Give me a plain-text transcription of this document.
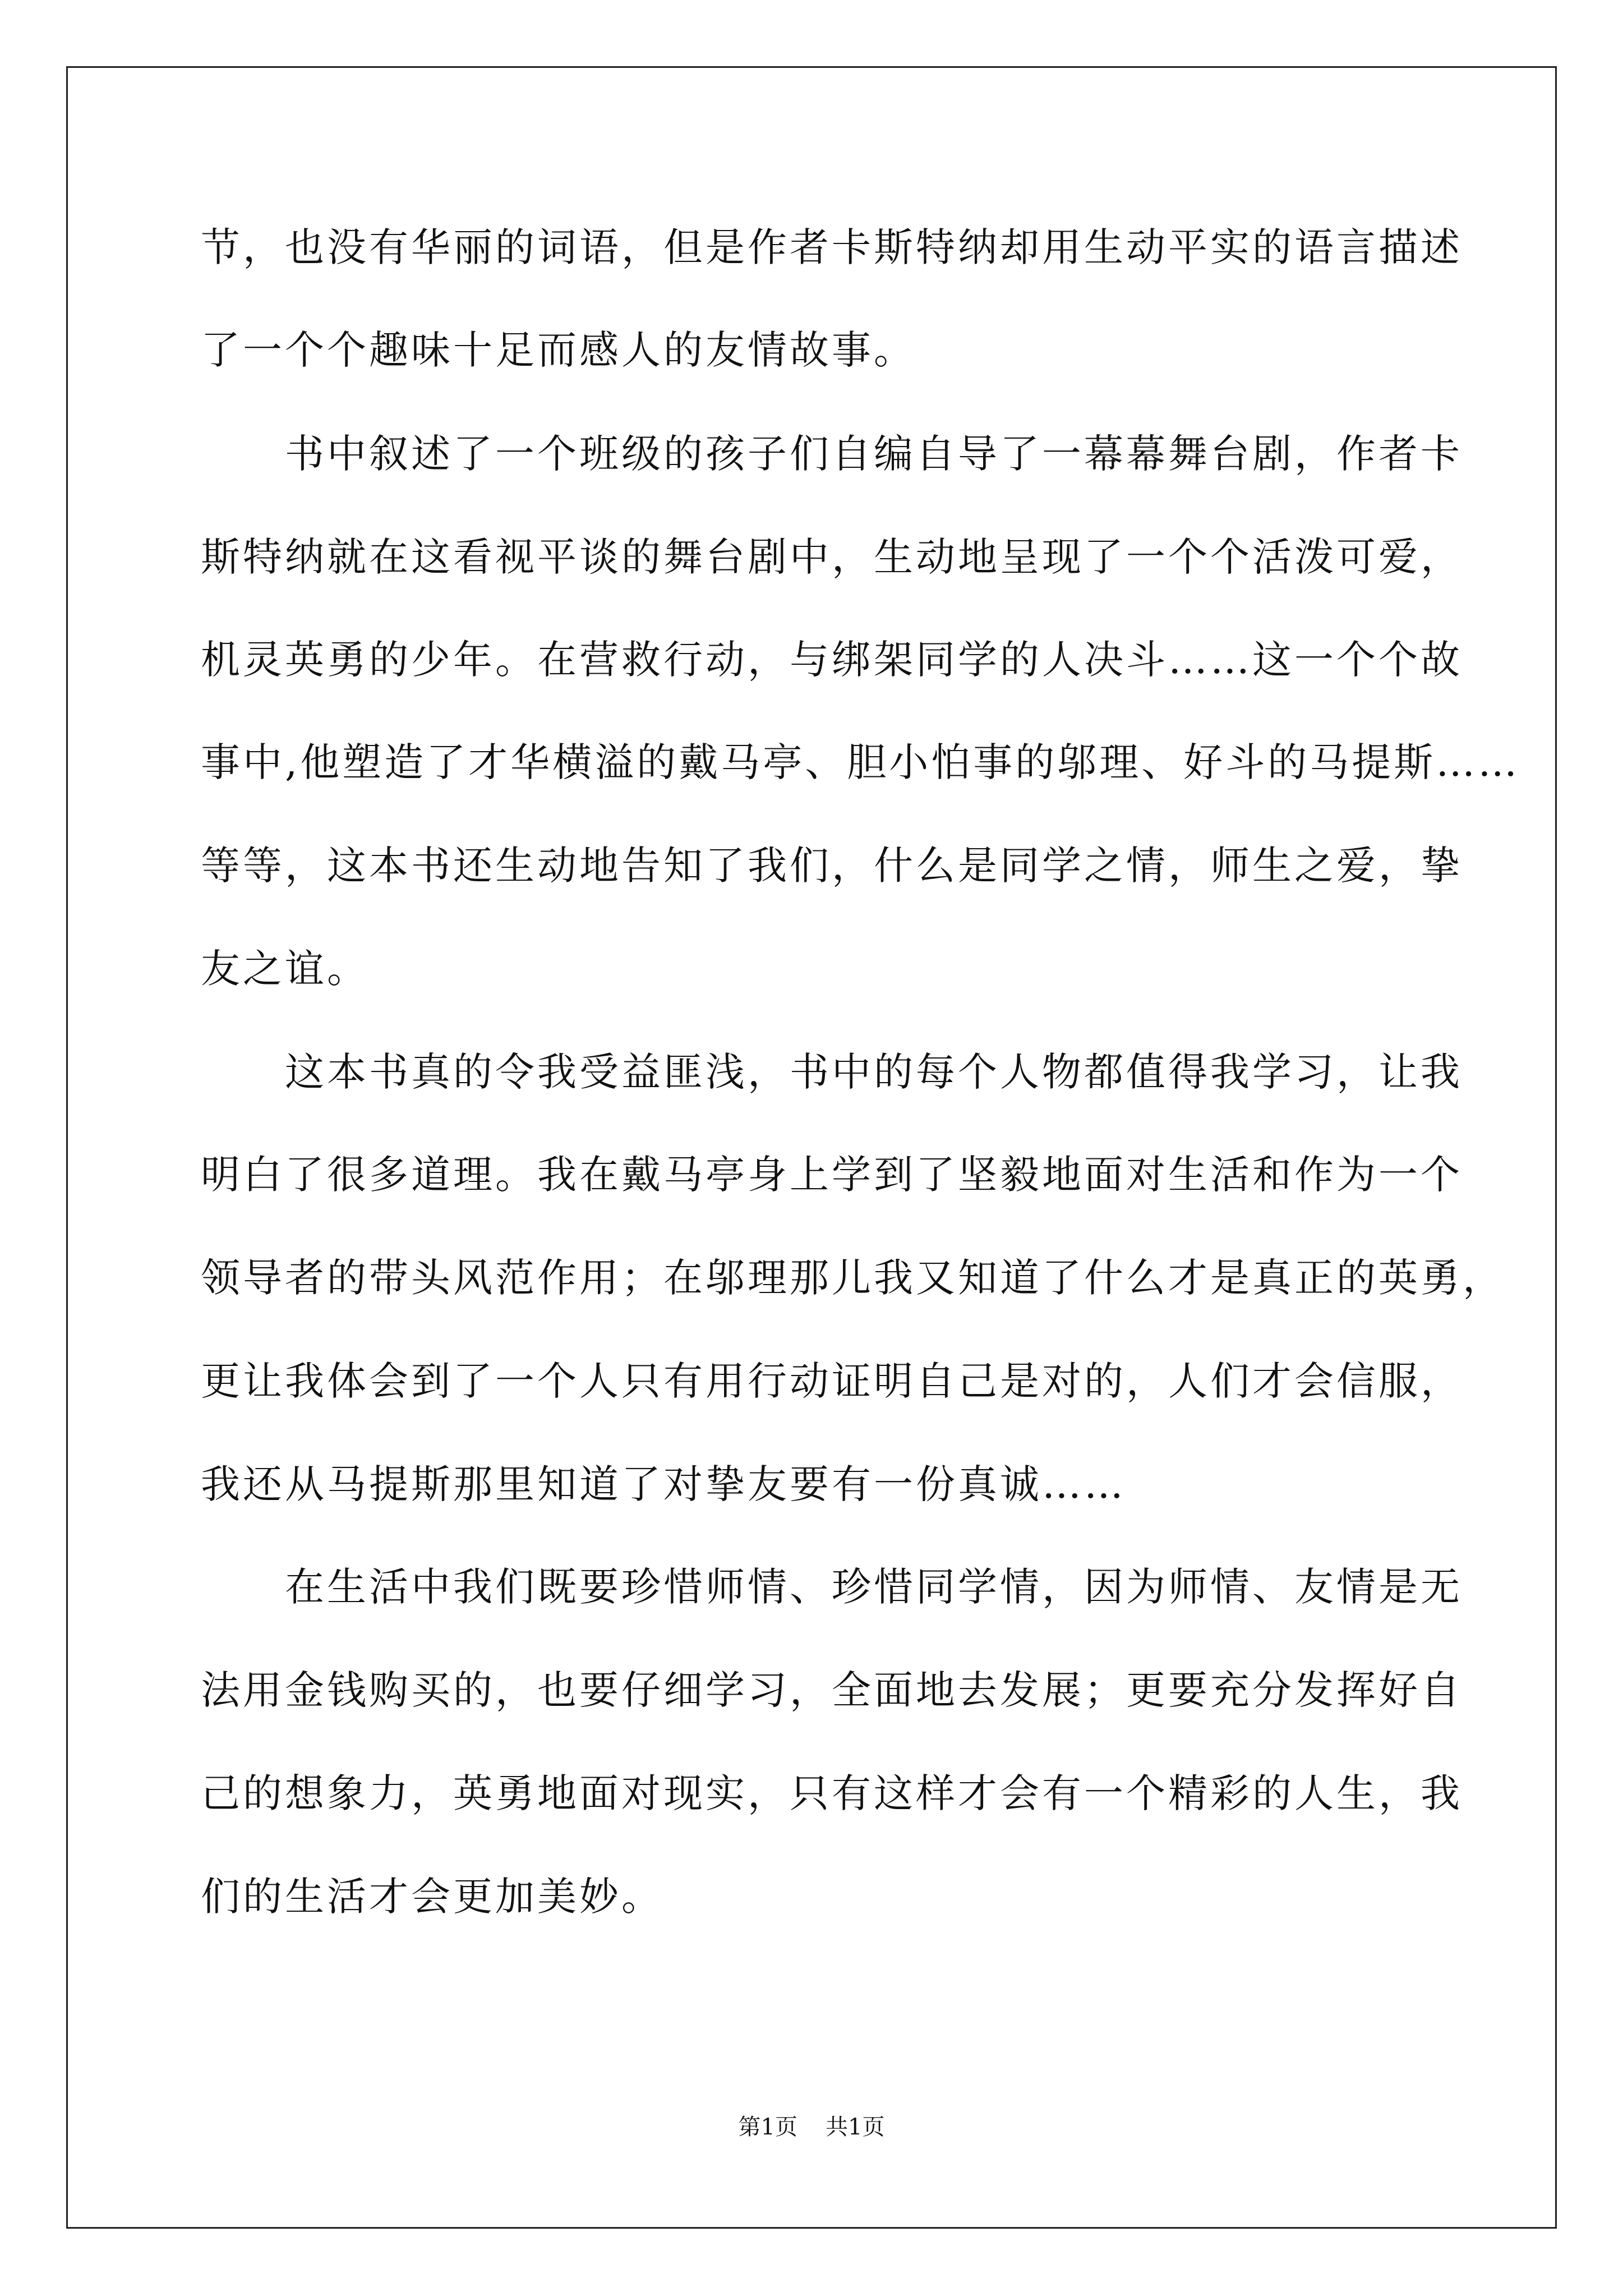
节，也没有华丽的词语，但是作者卡斯特纳却用生动平实的语言描述
了一个个趣味十足而感人的友情故事。
书中叙述了一个班级的孩子们自编自导了一幕幕舞台剧，作者卡
斯特纳就在这看视平谈的舞台剧中，生动地呈现了一个个活泼可爱，
机灵英勇的少年。在营救行动，与绑架同学的人决斗……这一个个故
事中,他塑造了才华横溢的戴马亭、胆小怕事的邬理、好斗的马提斯……
等等，这本书还生动地告知了我们，什么是同学之情，师生之爱，挚
友之谊。
这本书真的令我受益匪浅，书中的每个人物都值得我学习，让我
明白了很多道理。我在戴马亭身上学到了坚毅地面对生活和作为一个
领导者的带头风范作用；在邬理那儿我又知道了什么才是真正的英勇，
更让我体会到了一个人只有用行动证明自己是对的，人们才会信服，
我还从马提斯那里知道了对挚友要有一份真诚……
在生活中我们既要珍惜师情、珍惜同学情，因为师情、友情是无
法用金钱购买的，也要仔细学习，全面地去发展；更要充分发挥好自
己的想象力，英勇地面对现实，只有这样才会有一个精彩的人生，我
们的生活才会更加美妙。
第1页 共1页
